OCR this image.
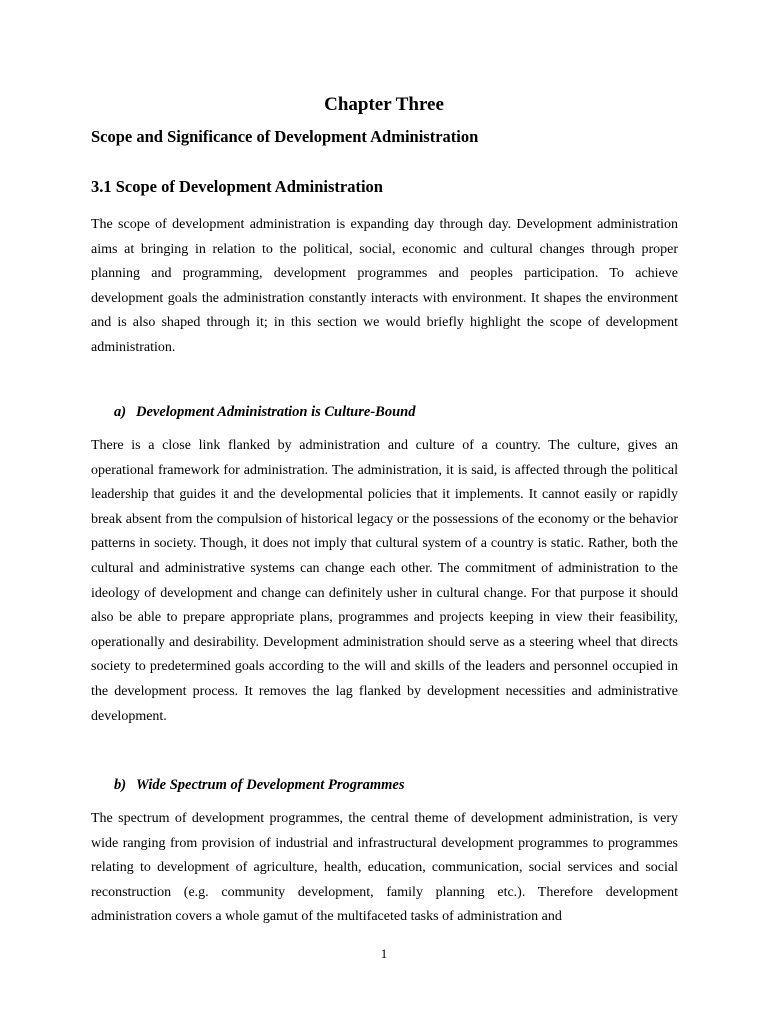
Chapter Three
Scope and Significance of Development Administration
3.1 Scope of Development Administration

The scope of development administration is expanding day through day. Development administration aims at bringing in relation to the political, social, economic and cultural changes through proper planning and programming, development programmes and peoples participation. To achieve development goals the administration constantly interacts with environment. It shapes the environment and is also shaped through it; in this section we would briefly highlight the scope of development administration.

a) Development Administration is Culture-Bound

There is a close link flanked by administration and culture of a country. The culture, gives an operational framework for administration. The administration, it is said, is affected through the political leadership that guides it and the developmental policies that it implements. It cannot easily or rapidly break absent from the compulsion of historical legacy or the possessions of the economy or the behavior patterns in society. Though, it does not imply that cultural system of a country is static. Rather, both the cultural and administrative systems can change each other. The commitment of administration to the ideology of development and change can definitely usher in cultural change. For that purpose it should also be able to prepare appropriate plans, programmes and projects keeping in view their feasibility, operationally and desirability. Development administration should serve as a steering wheel that directs society to predetermined goals according to the will and skills of the leaders and personnel occupied in the development process. It removes the lag flanked by development necessities and administrative development.

b) Wide Spectrum of Development Programmes

The spectrum of development programmes, the central theme of development administration, is very wide ranging from provision of industrial and infrastructural development programmes to programmes relating to development of agriculture, health, education, communication, social services and social reconstruction (e.g. community development, family planning etc.). Therefore development administration covers a whole gamut of the multifaceted tasks of administration and

1
